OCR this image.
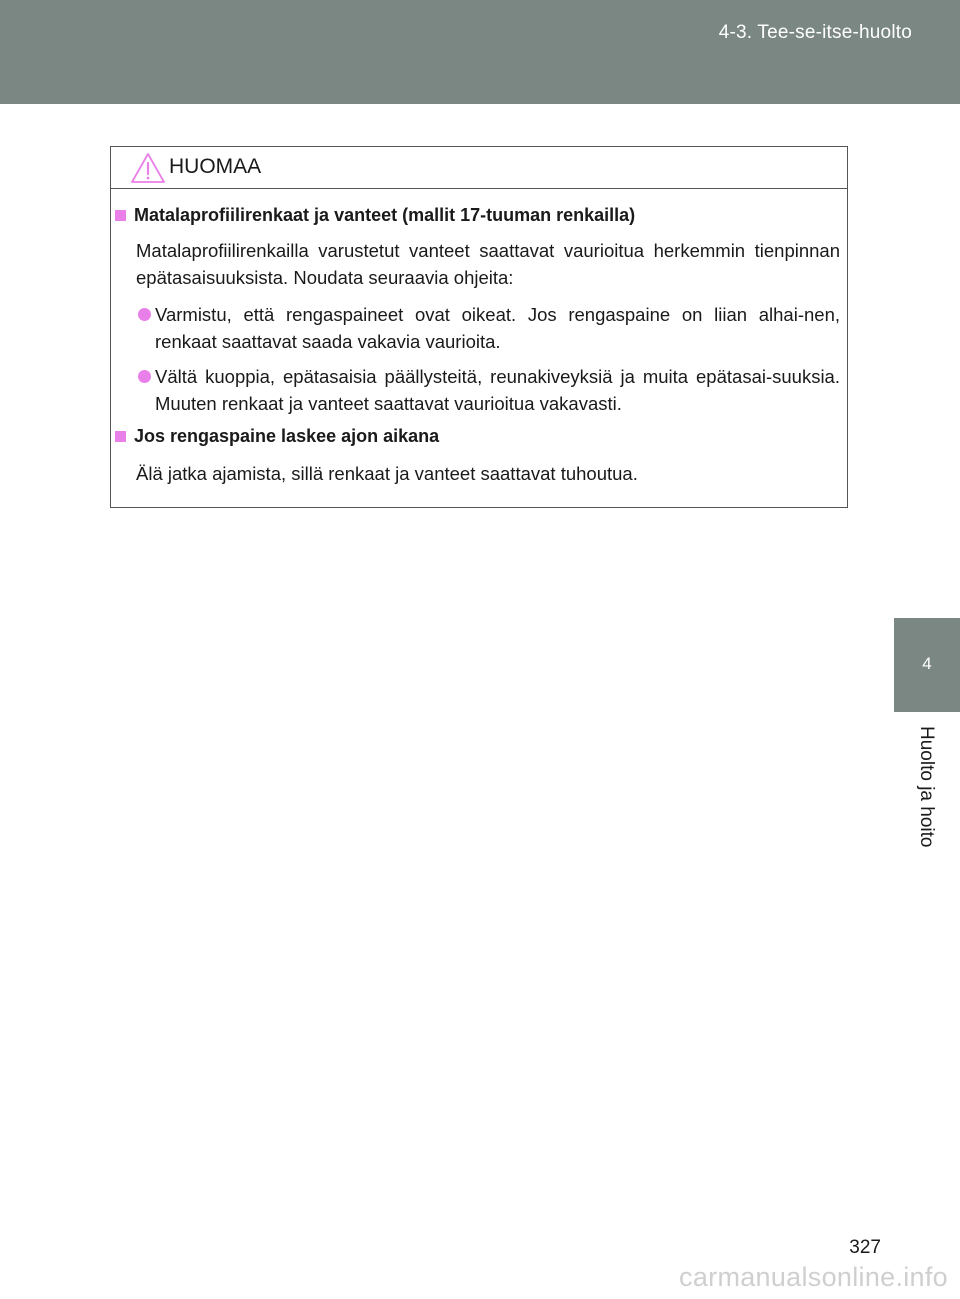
4-3. Tee-se-itse-huolto
4
Huolto ja hoito
HUOMAA
Matalaprofiilirenkaat ja vanteet (mallit 17-tuuman renkailla)
Matalaprofiilirenkailla varustetut vanteet saattavat vaurioitua herkemmin tienpinnan epätasaisuuksista. Noudata seuraavia ohjeita:
Varmistu, että rengaspaineet ovat oikeat. Jos rengaspaine on liian alhai-nen, renkaat saattavat saada vakavia vaurioita.
Vältä kuoppia, epätasaisia päällysteitä, reunakiveyksiä ja muita epätasai-suuksia. Muuten renkaat ja vanteet saattavat vaurioitua vakavasti.
Jos rengaspaine laskee ajon aikana
Älä jatka ajamista, sillä renkaat ja vanteet saattavat tuhoutua.
327
carmanualsonline.info
